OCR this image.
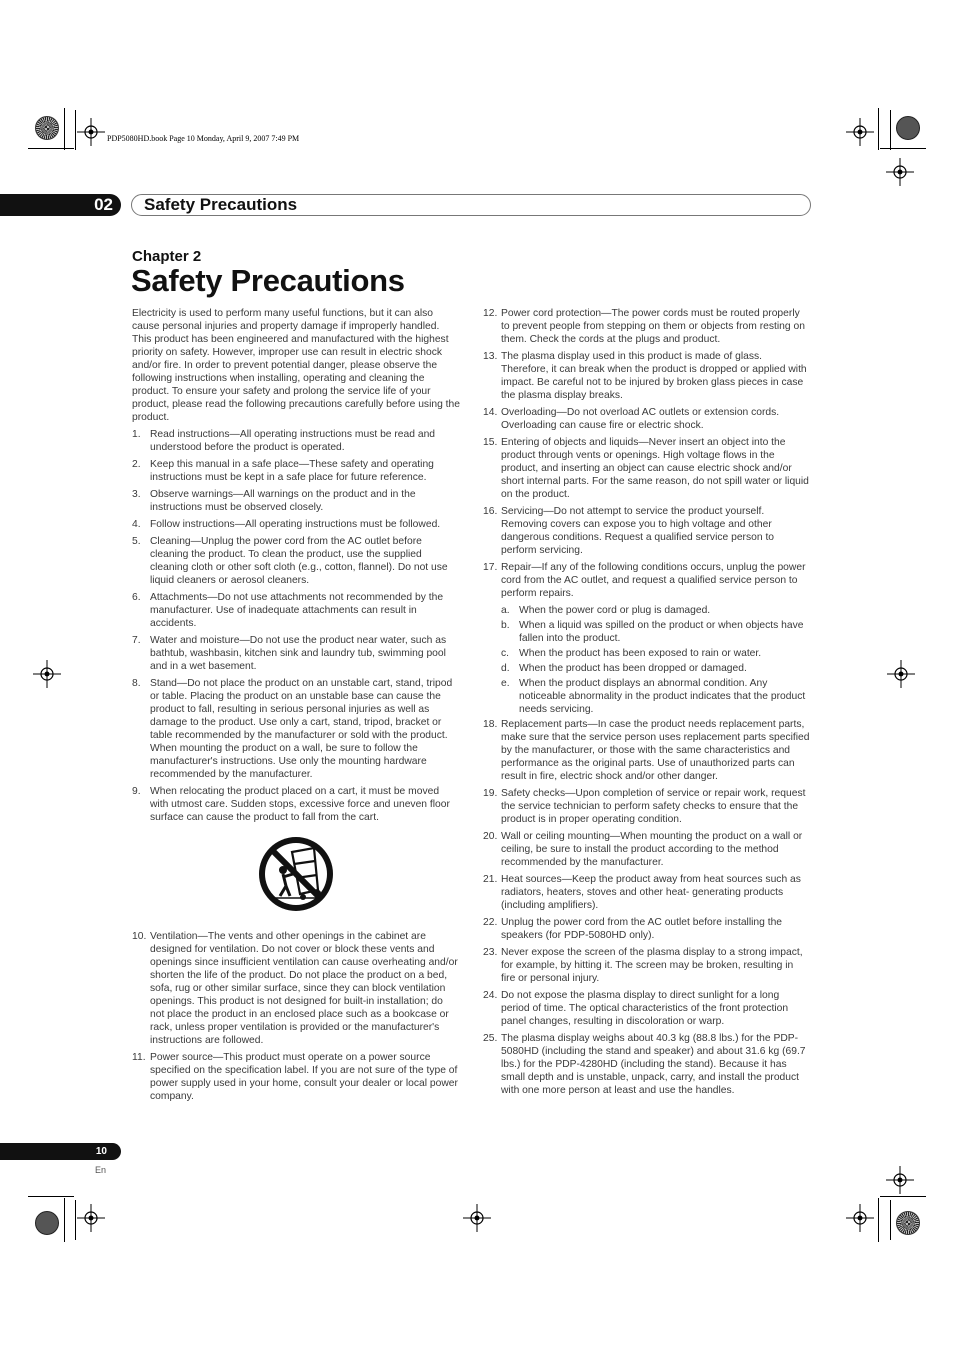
PDP5080HD.book Page 10 Monday, April 9, 2007 7:49 PM
02 Safety Precautions
Chapter 2
Safety Precautions

Electricity is used to perform many useful functions, but it can also cause personal injuries and property damage if improperly handled. This product has been engineered and manufactured with the highest priority on safety. However, improper use can result in electric shock and/or fire. In order to prevent potential danger, please observe the following instructions when installing, operating and cleaning the product. To ensure your safety and prolong the service life of your product, please read the following precautions carefully before using the product.

1. Read instructions—All operating instructions must be read and understood before the product is operated.
2. Keep this manual in a safe place—These safety and operating instructions must be kept in a safe place for future reference.
3. Observe warnings—All warnings on the product and in the instructions must be observed closely.
4. Follow instructions—All operating instructions must be followed.
5. Cleaning—Unplug the power cord from the AC outlet before cleaning the product. To clean the product, use the supplied cleaning cloth or other soft cloth (e.g., cotton, flannel). Do not use liquid cleaners or aerosol cleaners.
6. Attachments—Do not use attachments not recommended by the manufacturer. Use of inadequate attachments can result in accidents.
7. Water and moisture—Do not use the product near water, such as bathtub, washbasin, kitchen sink and laundry tub, swimming pool and in a wet basement.
8. Stand—Do not place the product on an unstable cart, stand, tripod or table. Placing the product on an unstable base can cause the product to fall, resulting in serious personal injuries as well as damage to the product. Use only a cart, stand, tripod, bracket or table recommended by the manufacturer or sold with the product. When mounting the product on a wall, be sure to follow the manufacturer's instructions. Use only the mounting hardware recommended by the manufacturer.
9. When relocating the product placed on a cart, it must be moved with utmost care. Sudden stops, excessive force and uneven floor surface can cause the product to fall from the cart.
10. Ventilation—The vents and other openings in the cabinet are designed for ventilation. Do not cover or block these vents and openings since insufficient ventilation can cause overheating and/or shorten the life of the product. Do not place the product on a bed, sofa, rug or other similar surface, since they can block ventilation openings. This product is not designed for built-in installation; do not place the product in an enclosed place such as a bookcase or rack, unless proper ventilation is provided or the manufacturer's instructions are followed.
11. Power source—This product must operate on a power source specified on the specification label. If you are not sure of the type of power supply used in your home, consult your dealer or local power company.
12. Power cord protection—The power cords must be routed properly to prevent people from stepping on them or objects from resting on them. Check the cords at the plugs and product.
13. The plasma display used in this product is made of glass. Therefore, it can break when the product is dropped or applied with impact. Be careful not to be injured by broken glass pieces in case the plasma display breaks.
14. Overloading—Do not overload AC outlets or extension cords. Overloading can cause fire or electric shock.
15. Entering of objects and liquids—Never insert an object into the product through vents or openings. High voltage flows in the product, and inserting an object can cause electric shock and/or short internal parts. For the same reason, do not spill water or liquid on the product.
16. Servicing—Do not attempt to service the product yourself. Removing covers can expose you to high voltage and other dangerous conditions. Request a qualified service person to perform servicing.
17. Repair—If any of the following conditions occurs, unplug the power cord from the AC outlet, and request a qualified service person to perform repairs.
a. When the power cord or plug is damaged.
b. When a liquid was spilled on the product or when objects have fallen into the product.
c. When the product has been exposed to rain or water.
d. When the product has been dropped or damaged.
e. When the product displays an abnormal condition. Any noticeable abnormality in the product indicates that the product needs servicing.
18. Replacement parts—In case the product needs replacement parts, make sure that the service person uses replacement parts specified by the manufacturer, or those with the same characteristics and performance as the original parts. Use of unauthorized parts can result in fire, electric shock and/or other danger.
19. Safety checks—Upon completion of service or repair work, request the service technician to perform safety checks to ensure that the product is in proper operating condition.
20. Wall or ceiling mounting—When mounting the product on a wall or ceiling, be sure to install the product according to the method recommended by the manufacturer.
21. Heat sources—Keep the product away from heat sources such as radiators, heaters, stoves and other heat- generating products (including amplifiers).
22. Unplug the power cord from the AC outlet before installing the speakers (for PDP-5080HD only).
23. Never expose the screen of the plasma display to a strong impact, for example, by hitting it. The screen may be broken, resulting in fire or personal injury.
24. Do not expose the plasma display to direct sunlight for a long period of time. The optical characteristics of the front protection panel changes, resulting in discoloration or warp.
25. The plasma display weighs about 40.3 kg (88.8 lbs.) for the PDP-5080HD (including the stand and speaker) and about 31.6 kg (69.7 lbs.) for the PDP-4280HD (including the stand). Because it has small depth and is unstable, unpack, carry, and install the product with one more person at least and use the handles.
10
En
